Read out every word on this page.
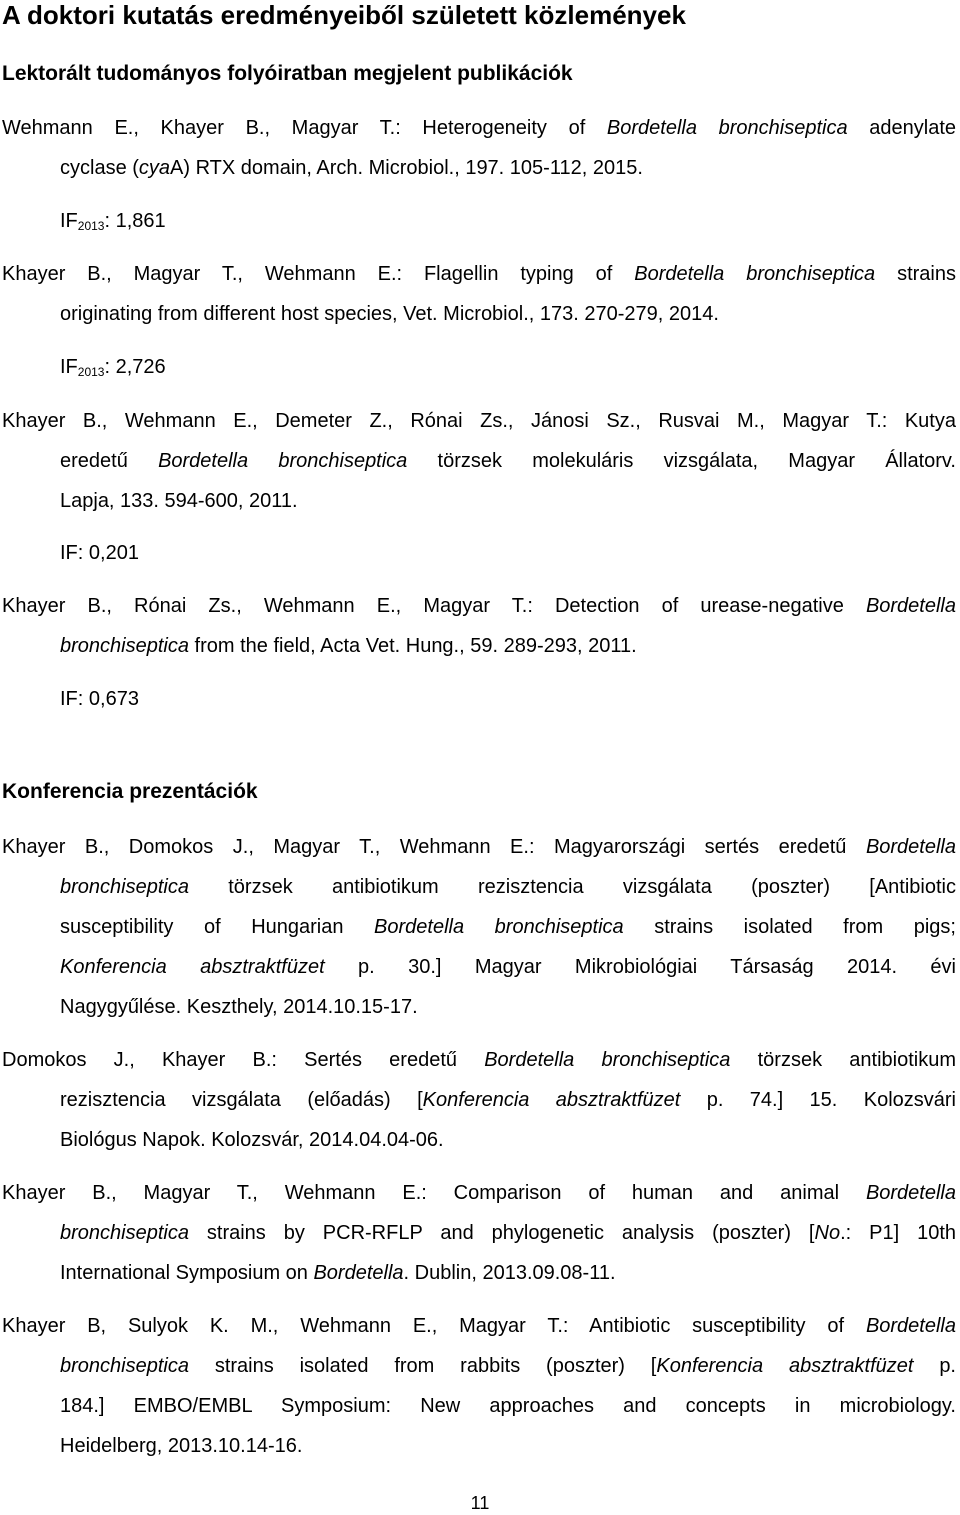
A doktori kutatás eredményeiből született közlemények
Lektorált tudományos folyóiratban megjelent publikációk
Wehmann E., Khayer B., Magyar T.: Heterogeneity of Bordetella bronchiseptica adenylate
cyclase (cyaA) RTX domain, Arch. Microbiol., 197. 105-112, 2015.
$IF_{2013}$: 1,861
Khayer B., Magyar T., Wehmann E.: Flagellin typing of Bordetella bronchiseptica strains
originating from different host species, Vet. Microbiol., 173. 270-279, 2014.
$IF_{2013}$: 2,726
Khayer B., Wehmann E., Demeter Z., Rónai Zs., Jánosi Sz., Rusvai M., Magyar T.: Kutya
eredetű Bordetella bronchiseptica törzsek molekuláris vizsgálata, Magyar Állatorv.
Lapja, 133. 594-600, 2011.
IF: 0,201
Khayer B., Rónai Zs., Wehmann E., Magyar T.: Detection of urease-negative Bordetella
bronchiseptica from the field, Acta Vet. Hung., 59. 289-293, 2011.
IF: 0,673
Konferencia prezentációk
Khayer B., Domokos J., Magyar T., Wehmann E.: Magyarországi sertés eredetű Bordetella
bronchiseptica törzsek antibiotikum rezisztencia vizsgálata (poszter) [Antibiotic
susceptibility of Hungarian Bordetella bronchiseptica strains isolated from pigs;
Konferencia absztraktfüzet p. 30.] Magyar Mikrobiológiai Társaság 2014. évi
Nagygyűlése. Keszthely, 2014.10.15-17.
Domokos J., Khayer B.: Sertés eredetű Bordetella bronchiseptica törzsek antibiotikum
rezisztencia vizsgálata (előadás) [Konferencia absztraktfüzet p. 74.] 15. Kolozsvári
Biológus Napok. Kolozsvár, 2014.04.04-06.
Khayer B., Magyar T., Wehmann E.: Comparison of human and animal Bordetella
bronchiseptica strains by PCR-RFLP and phylogenetic analysis (poszter) [No.: P1] 10th
International Symposium on Bordetella. Dublin, 2013.09.08-11.
Khayer B, Sulyok K. M., Wehmann E., Magyar T.: Antibiotic susceptibility of Bordetella
bronchiseptica strains isolated from rabbits (poszter) [Konferencia absztraktfüzet p.
184.] EMBO/EMBL Symposium: New approaches and concepts in microbiology.
Heidelberg, 2013.10.14-16.
11
